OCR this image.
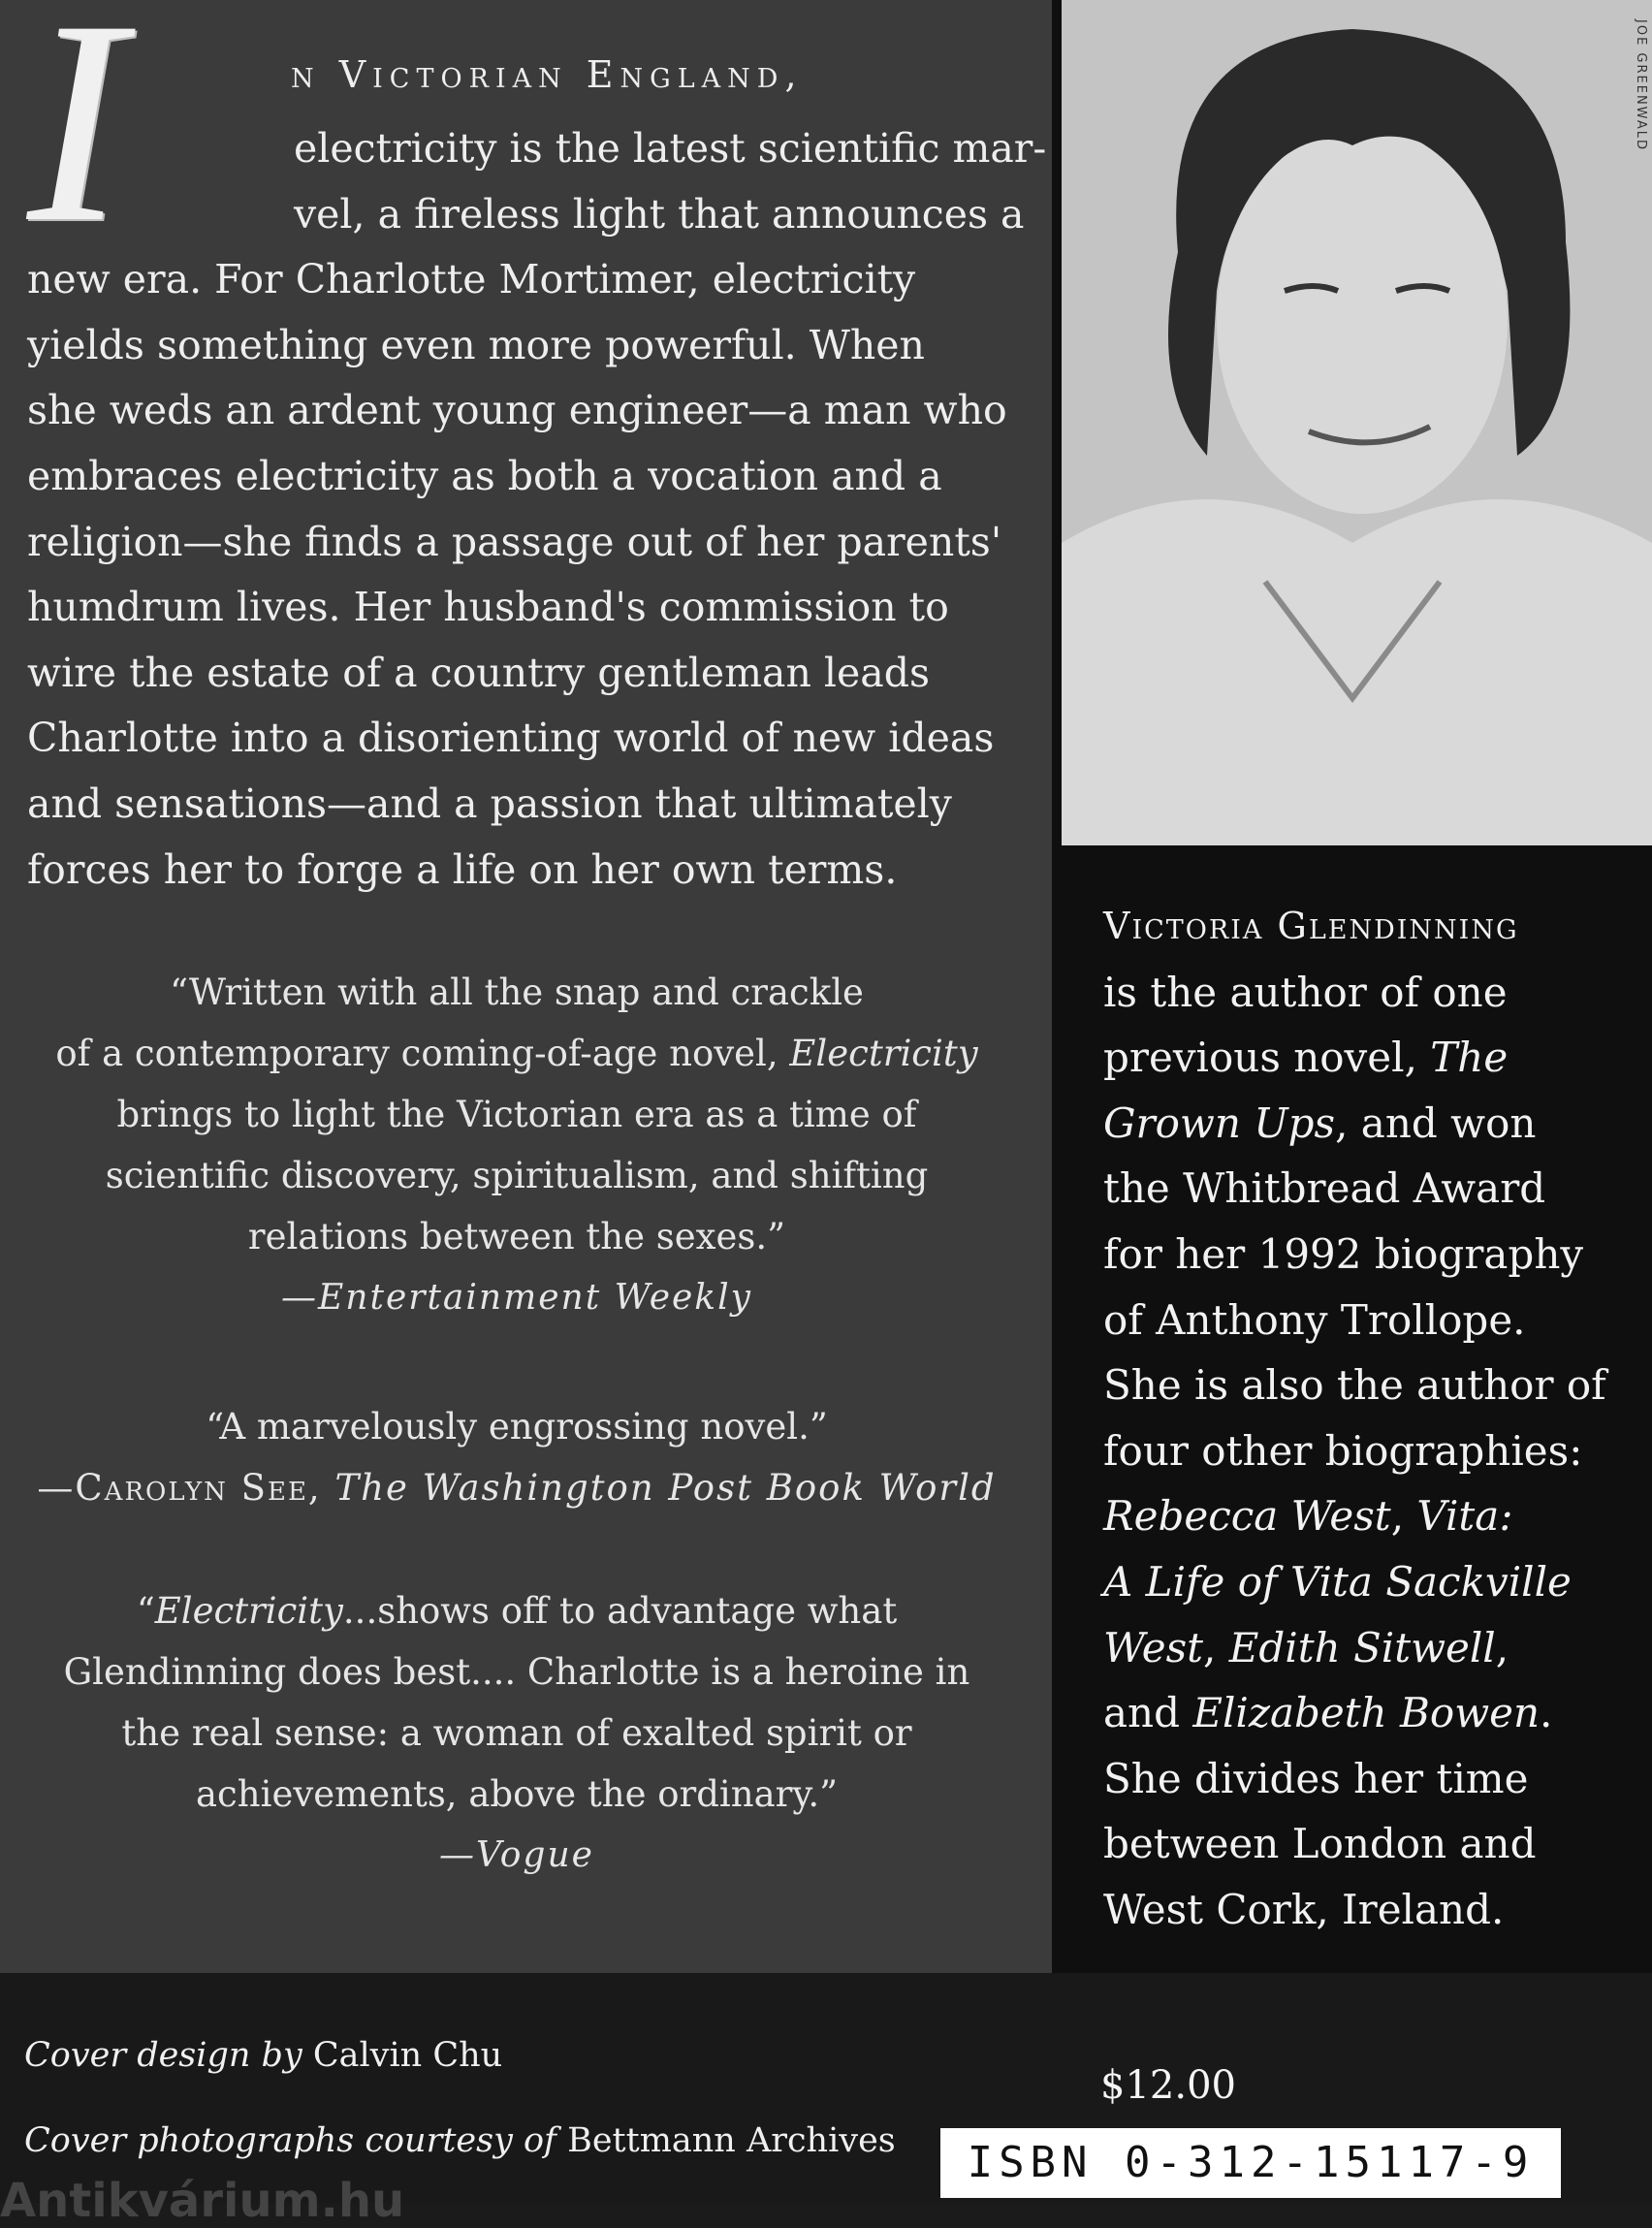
JOE GREENWALD
I	n Victorian England,
electricity is the latest scientific mar-
vel, a fireless light that announces a
new era. For Charlotte Mortimer, electricity
yields something even more powerful. When
she weds an ardent young engineer—a man who
embraces electricity as both a vocation and a
religion—she finds a passage out of her parents'
humdrum lives. Her husband's commission to
wire the estate of a country gentleman leads
Charlotte into a disorienting world of new ideas
and sensations—and a passion that ultimately
forces her to forge a life on her own terms.
“Written with all the snap and crackle
of a contemporary coming-of-age novel, Electricity
brings to light the Victorian era as a time of
scientific discovery, spiritualism, and shifting
relations between the sexes.”
—Entertainment Weekly
“A marvelously engrossing novel.”
—Carolyn See, The Washington Post Book World
“Electricity...shows off to advantage what
Glendinning does best.... Charlotte is a heroine in
the real sense: a woman of exalted spirit or
achievements, above the ordinary.”
—Vogue
Victoria Glendinning
is the author of one
previous novel, The
Grown Ups, and won
the Whitbread Award
for her 1992 biography
of Anthony Trollope.
She is also the author of
four other biographies:
Rebecca West, Vita:
A Life of Vita Sackville
West, Edith Sitwell,
and Elizabeth Bowen.
She divides her time
between London and
West Cork, Ireland.
Cover design by Calvin Chu
Cover photographs courtesy of Bettmann Archives
$12.00
ISBN 0-312-15117-9
Antikvárium.hu
